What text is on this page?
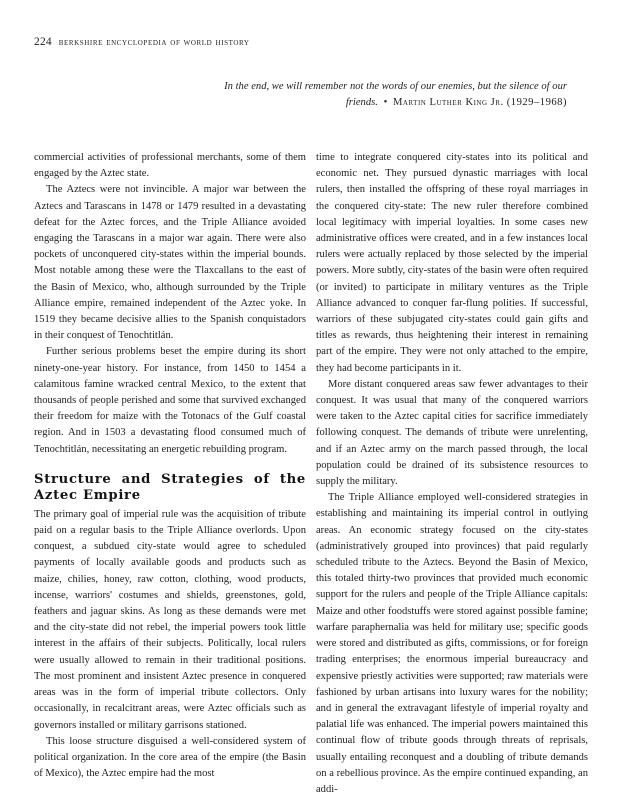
224 berkshire encyclopedia of world history
In the end, we will remember not the words of our enemies, but the silence of our friends. • Martin Luther King Jr. (1929–1968)

commercial activities of professional merchants, some of them engaged by the Aztec state.

The Aztecs were not invincible. A major war between the Aztecs and Tarascans in 1478 or 1479 resulted in a devastating defeat for the Aztec forces, and the Triple Alliance avoided engaging the Tarascans in a major war again. There were also pockets of unconquered city-states within the imperial bounds. Most notable among these were the Tlaxcallans to the east of the Basin of Mexico, who, although surrounded by the Triple Alliance empire, remained independent of the Aztec yoke. In 1519 they became decisive allies to the Spanish conquistadors in their conquest of Tenochtitlán.

Further serious problems beset the empire during its short ninety-one-year history. For instance, from 1450 to 1454 a calamitous famine wracked central Mexico, to the extent that thousands of people perished and some that survived exchanged their freedom for maize with the Totonacs of the Gulf coastal region. And in 1503 a devastating flood consumed much of Tenochtitlán, necessitating an energetic rebuilding program.

Structure and Strategies of the Aztec Empire

The primary goal of imperial rule was the acquisition of tribute paid on a regular basis to the Triple Alliance overlords. Upon conquest, a subdued city-state would agree to scheduled payments of locally available goods and products such as maize, chilies, honey, raw cotton, clothing, wood products, incense, warriors' costumes and shields, greenstones, gold, feathers and jaguar skins. As long as these demands were met and the city-state did not rebel, the imperial powers took little interest in the affairs of their subjects. Politically, local rulers were usually allowed to remain in their traditional positions. The most prominent and insistent Aztec presence in conquered areas was in the form of imperial tribute collectors. Only occasionally, in recalcitrant areas, were Aztec officials such as governors installed or military garrisons stationed.

This loose structure disguised a well-considered system of political organization. In the core area of the empire (the Basin of Mexico), the Aztec empire had the most

time to integrate conquered city-states into its political and economic net. They pursued dynastic marriages with local rulers, then installed the offspring of these royal marriages in the conquered city-state: The new ruler therefore combined local legitimacy with imperial loyalties. In some cases new administrative offices were created, and in a few instances local rulers were actually replaced by those selected by the imperial powers. More subtly, city-states of the basin were often required (or invited) to participate in military ventures as the Triple Alliance advanced to conquer far-flung polities. If successful, warriors of these subjugated city-states could gain gifts and titles as rewards, thus heightening their interest in remaining part of the empire. They were not only attached to the empire, they had become participants in it.

More distant conquered areas saw fewer advantages to their conquest. It was usual that many of the conquered warriors were taken to the Aztec capital cities for sacrifice immediately following conquest. The demands of tribute were unrelenting, and if an Aztec army on the march passed through, the local population could be drained of its subsistence resources to supply the military.

The Triple Alliance employed well-considered strategies in establishing and maintaining its imperial control in outlying areas. An economic strategy focused on the city-states (administratively grouped into provinces) that paid regularly scheduled tribute to the Aztecs. Beyond the Basin of Mexico, this totaled thirty-two provinces that provided much economic support for the rulers and people of the Triple Alliance capitals: Maize and other foodstuffs were stored against possible famine; warfare paraphernalia was held for military use; specific goods were stored and distributed as gifts, commissions, or for foreign trading enterprises; the enormous imperial bureaucracy and expensive priestly activities were supported; raw materials were fashioned by urban artisans into luxury wares for the nobility; and in general the extravagant lifestyle of imperial royalty and palatial life was enhanced. The imperial powers maintained this continual flow of tribute goods through threats of reprisals, usually entailing reconquest and a doubling of tribute demands on a rebellious province. As the empire continued expanding, an addi-
